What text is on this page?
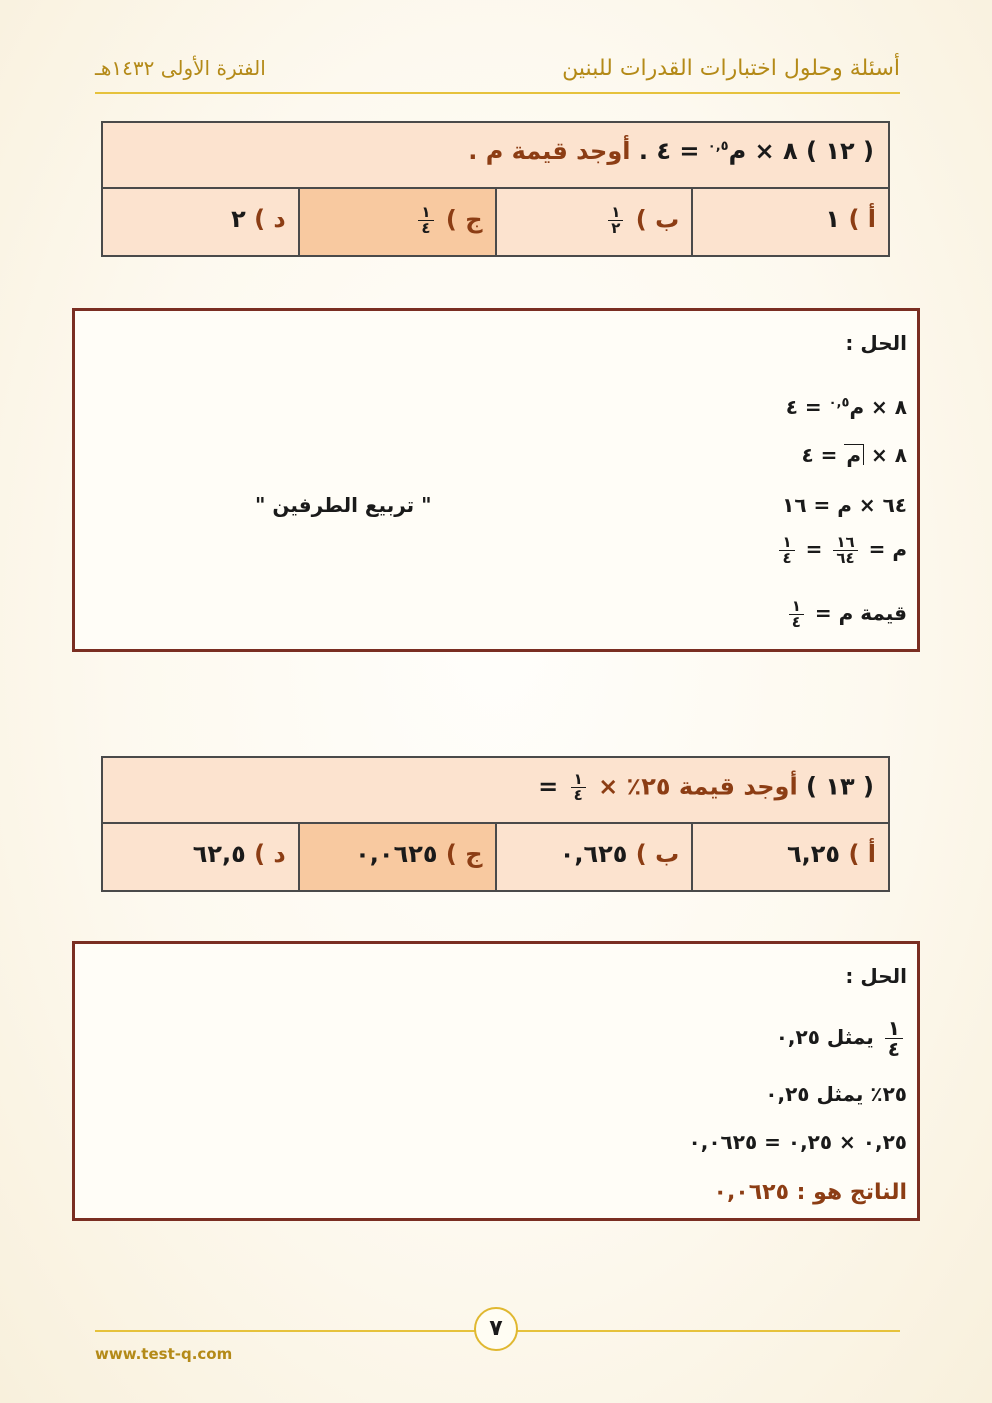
أسئلة وحلول اختبارات القدرات للبنين
الفترة الأولى ١٤٣٢هـ
( ١٢ ) ٨ × م$^{٠,٥}$ = ٤ . أوجد قيمة م .
أ ) ١
ب )
$\frac{١}{٢}$
ج )
$\frac{١}{٤}$
د ) ٢
الحل :
٨ × م$^{٠,٥}$ = ٤
٨ × م = ٤
٦٤ × م = ١٦
" تربيع الطرفين "
م =
$\frac{١٦}{٦٤}$
=
$\frac{١}{٤}$
قيمة م =
$\frac{١}{٤}$
( ١٣ ) أوجد قيمة ٢٥٪ ×
$\frac{١}{٤}$
=
أ ) ٦,٢٥
ب ) ٠,٦٢٥
ج ) ٠,٠٦٢٥
د ) ٦٢,٥
الحل :
$\frac{١}{٤}$
يمثل ٠,٢٥
٢٥٪ يمثل ٠,٢٥
٠,٢٥ × ٠,٢٥ = ٠,٠٦٢٥
الناتج هو : ٠,٠٦٢٥
٧
www.test-q.com
